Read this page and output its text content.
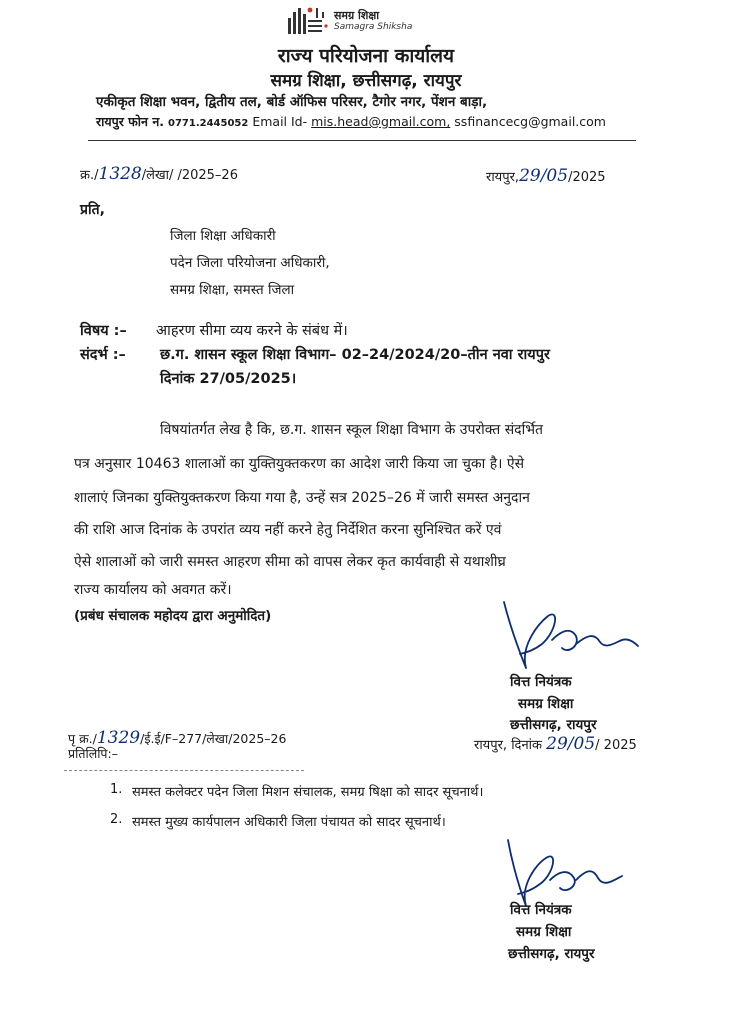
समग्र शिक्षा
Samagra Shiksha
राज्य परियोजना कार्यालय
समग्र शिक्षा, छत्तीसगढ़, रायपुर
एकीकृत शिक्षा भवन, द्वितीय तल, बोर्ड ऑफिस परिसर, टैगोर नगर, पेंशन बाड़ा,
रायपुर फोन न. 0771.2445052 Email Id- mis.head@gmail.com, ssfinancecg@gmail.com
क्र./1328/लेखा/ /2025–26	रायपुर,29/05/2025
प्रति,
जिला शिक्षा अधिकारी
पदेन जिला परियोजना अधिकारी,
समग्र शिक्षा, समस्त जिला
विषय :– आहरण सीमा व्यय करने के संबंध में।
संदर्भ :– छ.ग. शासन स्कूल शिक्षा विभाग– 02–24/2024/20–तीन नवा रायपुर
दिनांक 27/05/2025।
विषयांतर्गत लेख है कि, छ.ग. शासन स्कूल शिक्षा विभाग के उपरोक्त संदर्भित
पत्र अनुसार 10463 शालाओं का युक्तियुक्तकरण का आदेश जारी किया जा चुका है। ऐसे
शालाएं जिनका युक्तियुक्तकरण किया गया है, उन्हें सत्र 2025–26 में जारी समस्त अनुदान
की राशि आज दिनांक के उपरांत व्यय नहीं करने हेतु निर्देशित करना सुनिश्चित करें एवं
ऐसे शालाओं को जारी समस्त आहरण सीमा को वापस लेकर कृत कार्यवाही से यथाशीघ्र
राज्य कार्यालय को अवगत करें।
(प्रबंध संचालक महोदय द्वारा अनुमोदित)
वित्त नियंत्रक
समग्र शिक्षा
छत्तीसगढ़, रायपुर
पृ क्र./1329/ई.ई/F–277/लेखा/2025–26
प्रतिलिपि:–
रायपुर, दिनांक 29/05/ 2025
1. समस्त कलेक्टर पदेन जिला मिशन संचालक, समग्र षिक्षा को सादर सूचनार्थ।
2. समस्त मुख्य कार्यपालन अधिकारी जिला पंचायत को सादर सूचनार्थ।
वित्त नियंत्रक
समग्र शिक्षा
छत्तीसगढ़, रायपुर
